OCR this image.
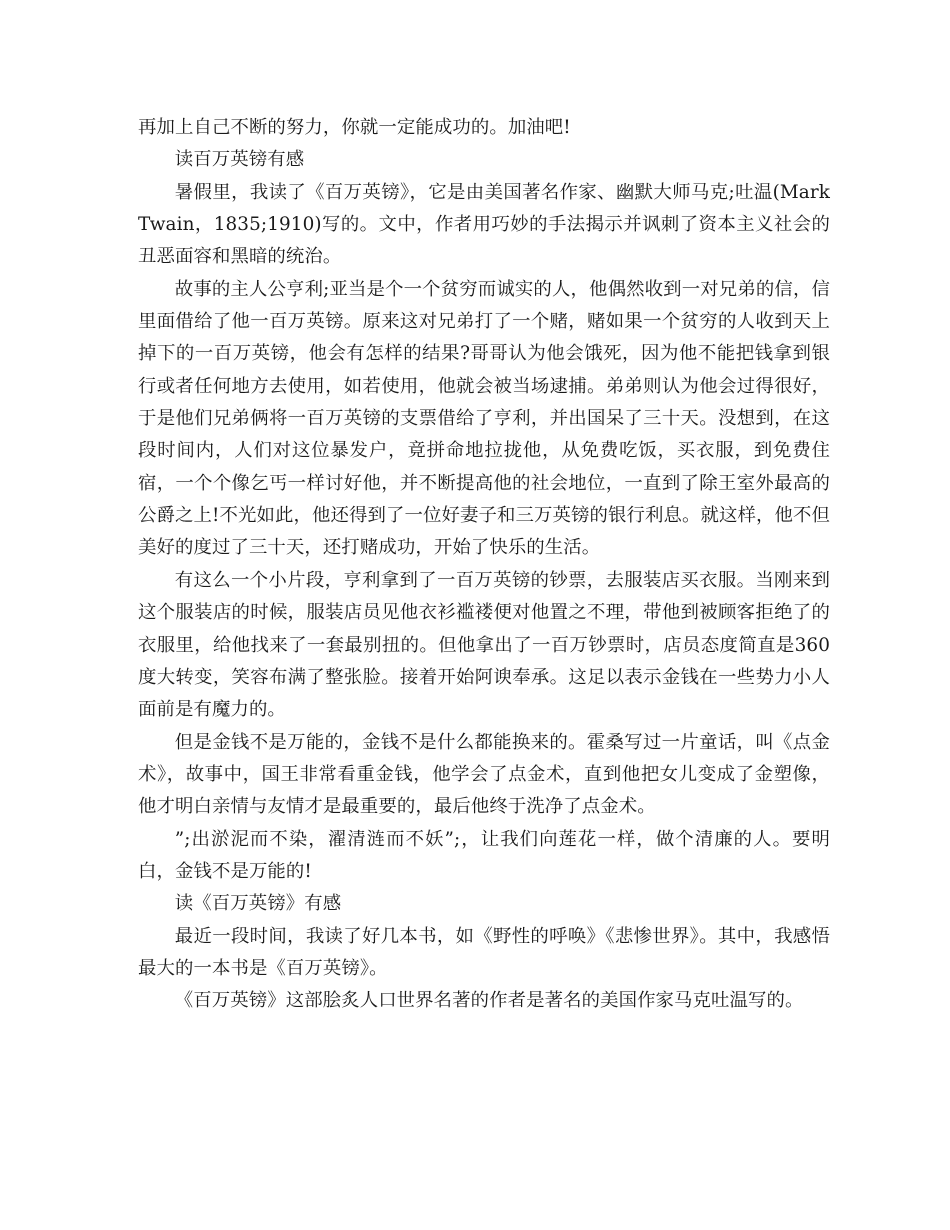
再加上自己不断的努力，你就一定能成功的。加油吧!

读百万英镑有感

暑假里，我读了《百万英镑》，它是由美国著名作家、幽默大师马克;吐温(Mark Twain，1835;1910)写的。文中，作者用巧妙的手法揭示并讽刺了资本主义社会的丑恶面容和黑暗的统治。

故事的主人公亨利;亚当是个一个贫穷而诚实的人，他偶然收到一对兄弟的信，信里面借给了他一百万英镑。原来这对兄弟打了一个赌，赌如果一个贫穷的人收到天上掉下的一百万英镑，他会有怎样的结果?哥哥认为他会饿死，因为他不能把钱拿到银行或者任何地方去使用，如若使用，他就会被当场逮捕。弟弟则认为他会过得很好，于是他们兄弟俩将一百万英镑的支票借给了亨利，并出国呆了三十天。没想到，在这段时间内，人们对这位暴发户，竟拼命地拉拢他，从免费吃饭，买衣服，到免费住宿，一个个像乞丐一样讨好他，并不断提高他的社会地位，一直到了除王室外最高的公爵之上!不光如此，他还得到了一位好妻子和三万英镑的银行利息。就这样，他不但美好的度过了三十天，还打赌成功，开始了快乐的生活。

有这么一个小片段，亨利拿到了一百万英镑的钞票，去服装店买衣服。当刚来到这个服装店的时候，服装店员见他衣衫褴褛便对他置之不理，带他到被顾客拒绝了的衣服里，给他找来了一套最别扭的。但他拿出了一百万钞票时，店员态度简直是360度大转变，笑容布满了整张脸。接着开始阿谀奉承。这足以表示金钱在一些势力小人面前是有魔力的。

但是金钱不是万能的，金钱不是什么都能换来的。霍桑写过一片童话，叫《点金术》，故事中，国王非常看重金钱，他学会了点金术，直到他把女儿变成了金塑像，他才明白亲情与友情才是最重要的，最后他终于洗净了点金术。

”;出淤泥而不染，濯清涟而不妖”;，让我们向莲花一样，做个清廉的人。要明白，金钱不是万能的!

读《百万英镑》有感

最近一段时间，我读了好几本书，如《野性的呼唤》《悲惨世界》。其中，我感悟最大的一本书是《百万英镑》。

《百万英镑》这部脍炙人口世界名著的作者是著名的美国作家马克吐温写的。
